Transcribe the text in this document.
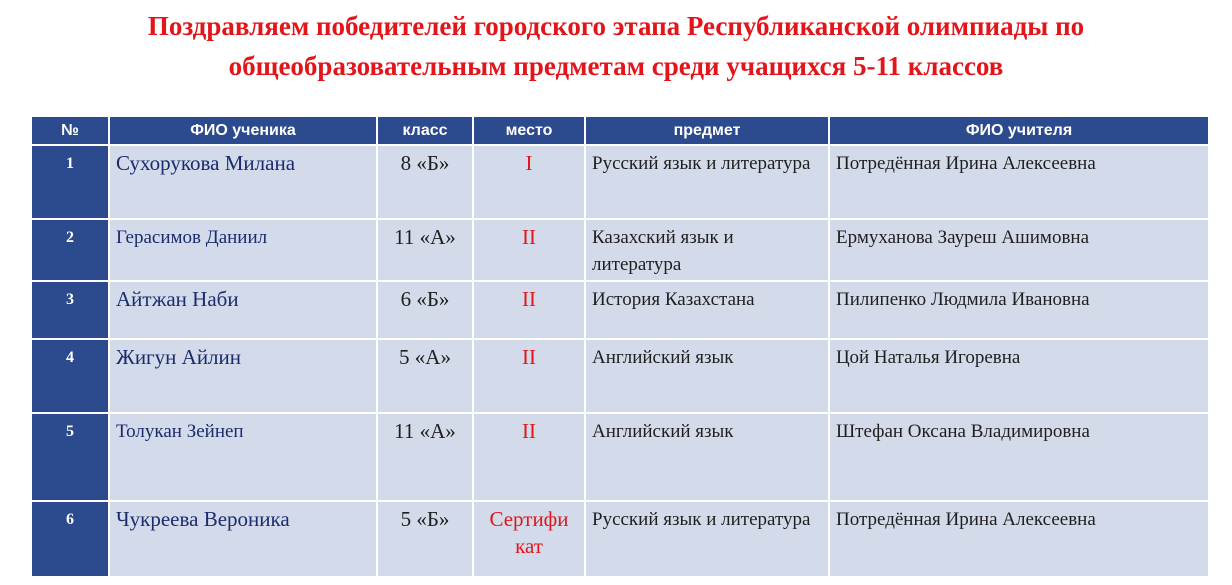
Поздравляем победителей городского этапа Республиканской олимпиады по
общеобразовательным предметам среди учащихся 5-11 классов
№	ФИО ученика	класс	место	предмет	ФИО учителя
1	Сухорукова Милана	8 «Б»	I	Русский язык и литература	Потредённая Ирина Алексеевна
2	Герасимов Даниил	11 «А»	II	Казахский язык и литература	Ермуханова Зауреш Ашимовна
3	Айтжан Наби	6 «Б»	II	История Казахстана	Пилипенко Людмила Ивановна
4	Жигун Айлин	5 «А»	II	Английский язык	Цой Наталья Игоревна
5	Толукан Зейнеп	11 «А»	II	Английский язык	Штефан Оксана Владимировна
6	Чукреева Вероника	5 «Б»	Сертифи кат	Русский язык и литература	Потредённая Ирина Алексеевна
